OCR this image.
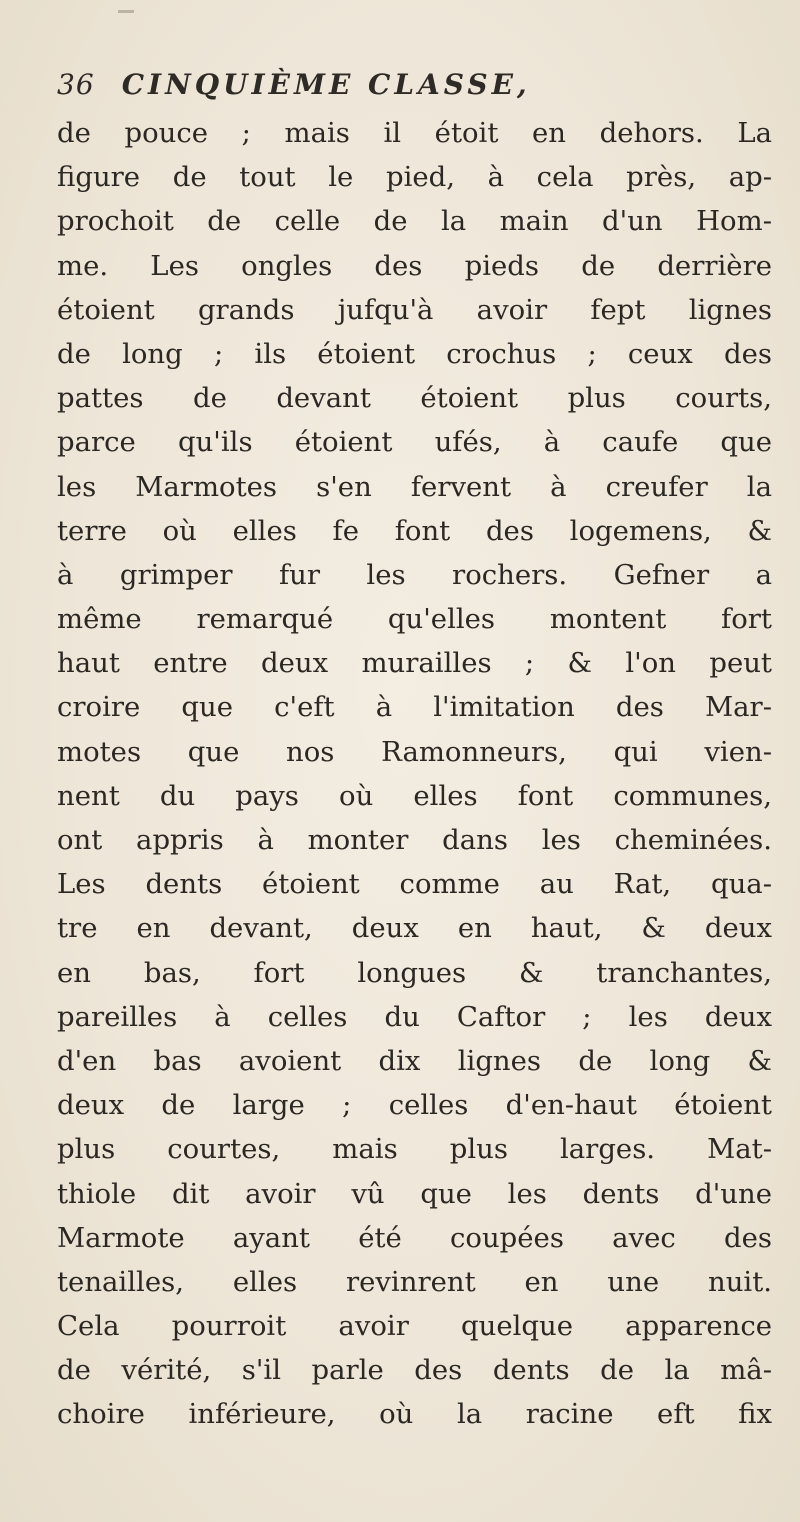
36 CINQUIÈME CLASSE,
de pouce ; mais il étoit en dehors. La
figure de tout le pied, à cela près, ap-
prochoit de celle de la main d'un Hom-
me. Les ongles des pieds de derrière
étoient grands jufqu'à avoir fept lignes
de long ; ils étoient crochus ; ceux des
pattes de devant étoient plus courts,
parce qu'ils étoient ufés, à caufe que
les Marmotes s'en fervent à creufer la
terre où elles fe font des logemens, &
à grimper fur les rochers. Gefner a
même remarqué qu'elles montent fort
haut entre deux murailles ; & l'on peut
croire que c'eft à l'imitation des Mar-
motes que nos Ramonneurs, qui vien-
nent du pays où elles font communes,
ont appris à monter dans les cheminées.
Les dents étoient comme au Rat, qua-
tre en devant, deux en haut, & deux
en bas, fort longues & tranchantes,
pareilles à celles du Caftor ; les deux
d'en bas avoient dix lignes de long &
deux de large ; celles d'en-haut étoient
plus courtes, mais plus larges. Mat-
thiole dit avoir vû que les dents d'une
Marmote ayant été coupées avec des
tenailles, elles revinrent en une nuit.
Cela pourroit avoir quelque apparence
de vérité, s'il parle des dents de la mâ-
choire inférieure, où la racine eft fix
